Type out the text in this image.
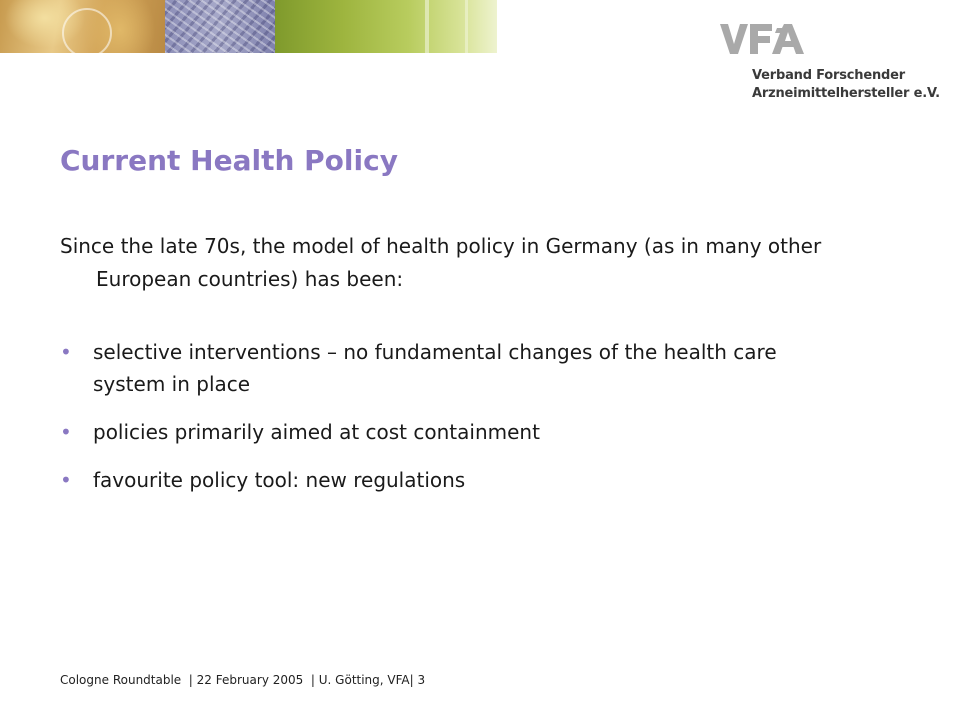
Verband Forschender
Arzneimittelhersteller e.V.
Current Health Policy

Since the late 70s, the model of health policy in Germany (as in many other European countries) has been:

• selective interventions – no fundamental changes of the health care system in place
• policies primarily aimed at cost containment
• favourite policy tool: new regulations
Cologne Roundtable  | 22 February 2005  | U. Götting, VFA| 3
